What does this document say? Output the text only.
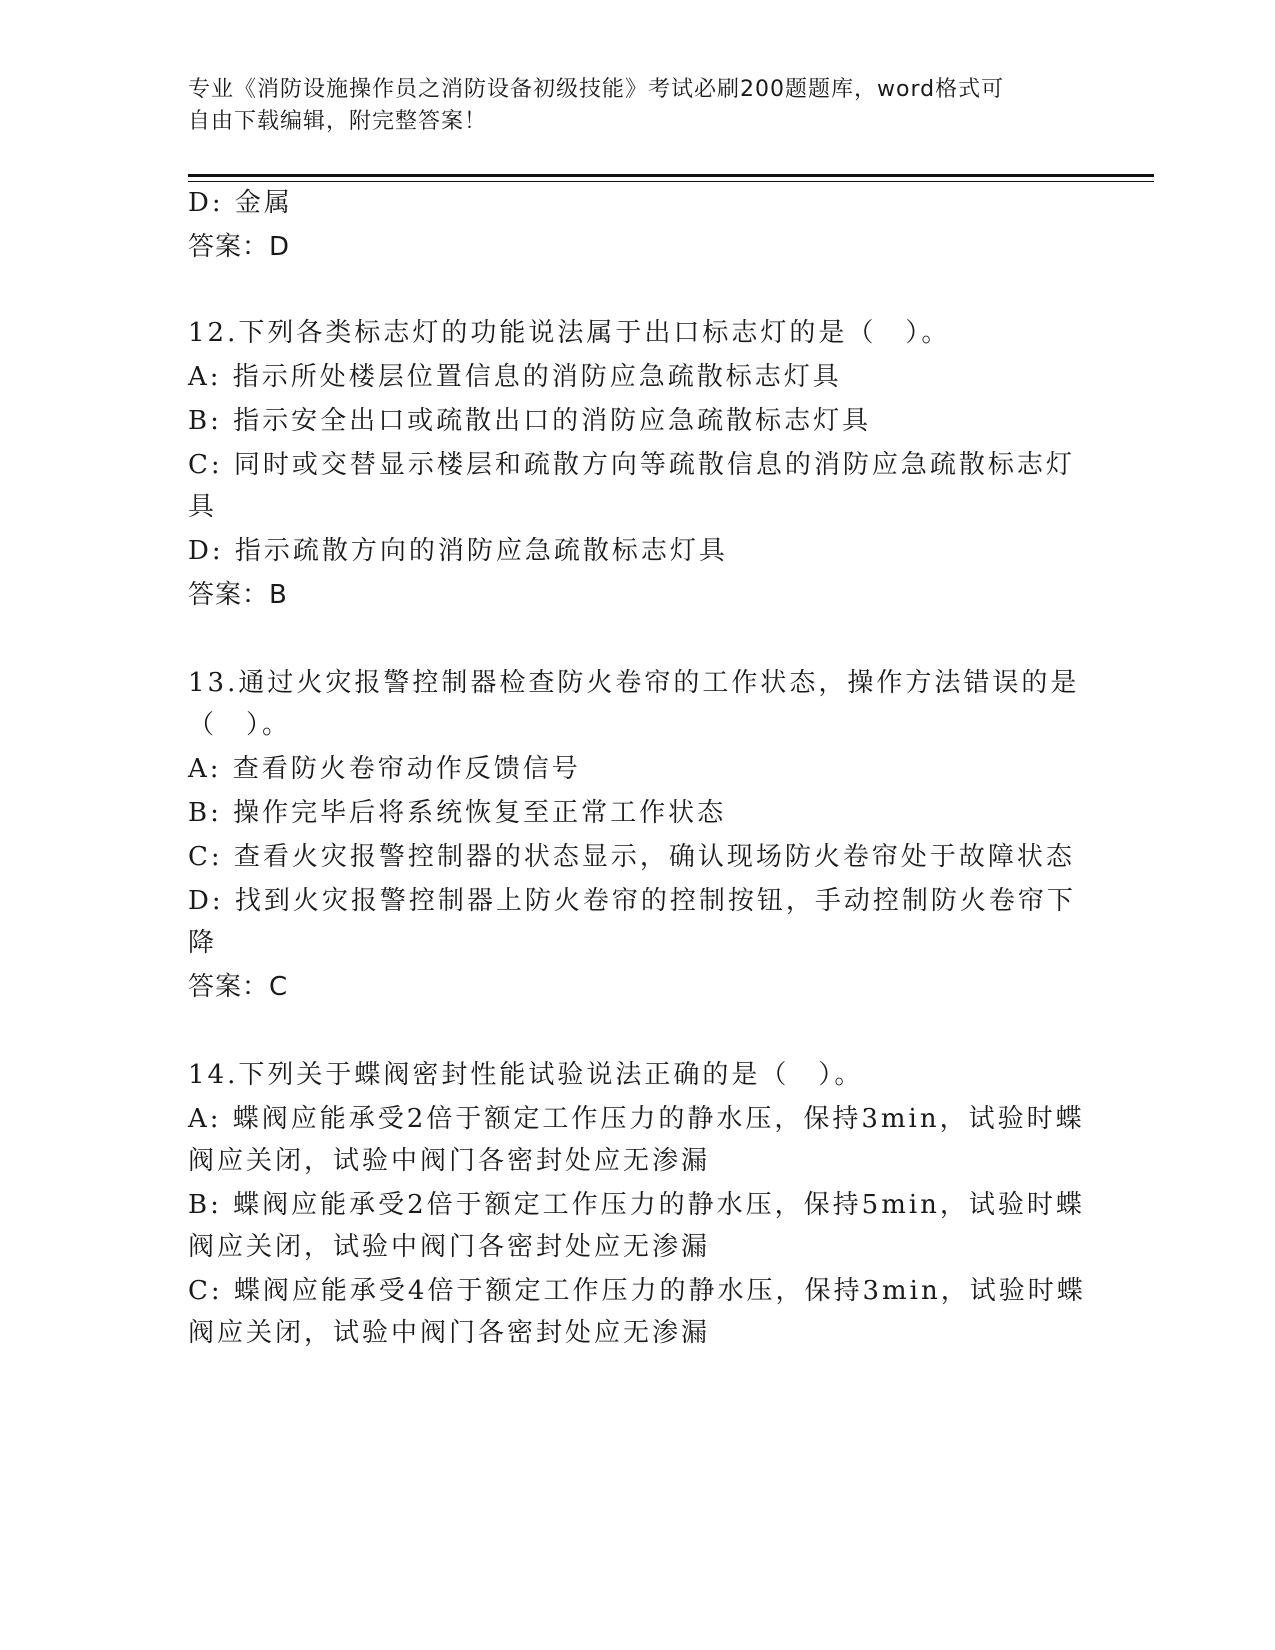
专业《消防设施操作员之消防设备初级技能》考试必刷200题题库，word格式可
自由下载编辑，附完整答案！
D: 金属
答案：D
12.下列各类标志灯的功能说法属于出口标志灯的是（　）。
A: 指示所处楼层位置信息的消防应急疏散标志灯具
B: 指示安全出口或疏散出口的消防应急疏散标志灯具
C: 同时或交替显示楼层和疏散方向等疏散信息的消防应急疏散标志灯
具
D: 指示疏散方向的消防应急疏散标志灯具
答案：B
13.通过火灾报警控制器检查防火卷帘的工作状态，操作方法错误的是
（　）。
A: 查看防火卷帘动作反馈信号
B: 操作完毕后将系统恢复至正常工作状态
C: 查看火灾报警控制器的状态显示，确认现场防火卷帘处于故障状态
D: 找到火灾报警控制器上防火卷帘的控制按钮，手动控制防火卷帘下
降
答案：C
14.下列关于蝶阀密封性能试验说法正确的是（　）。
A: 蝶阀应能承受2倍于额定工作压力的静水压，保持3min，试验时蝶
阀应关闭，试验中阀门各密封处应无渗漏
B: 蝶阀应能承受2倍于额定工作压力的静水压，保持5min，试验时蝶
阀应关闭，试验中阀门各密封处应无渗漏
C: 蝶阀应能承受4倍于额定工作压力的静水压，保持3min，试验时蝶
阀应关闭，试验中阀门各密封处应无渗漏
